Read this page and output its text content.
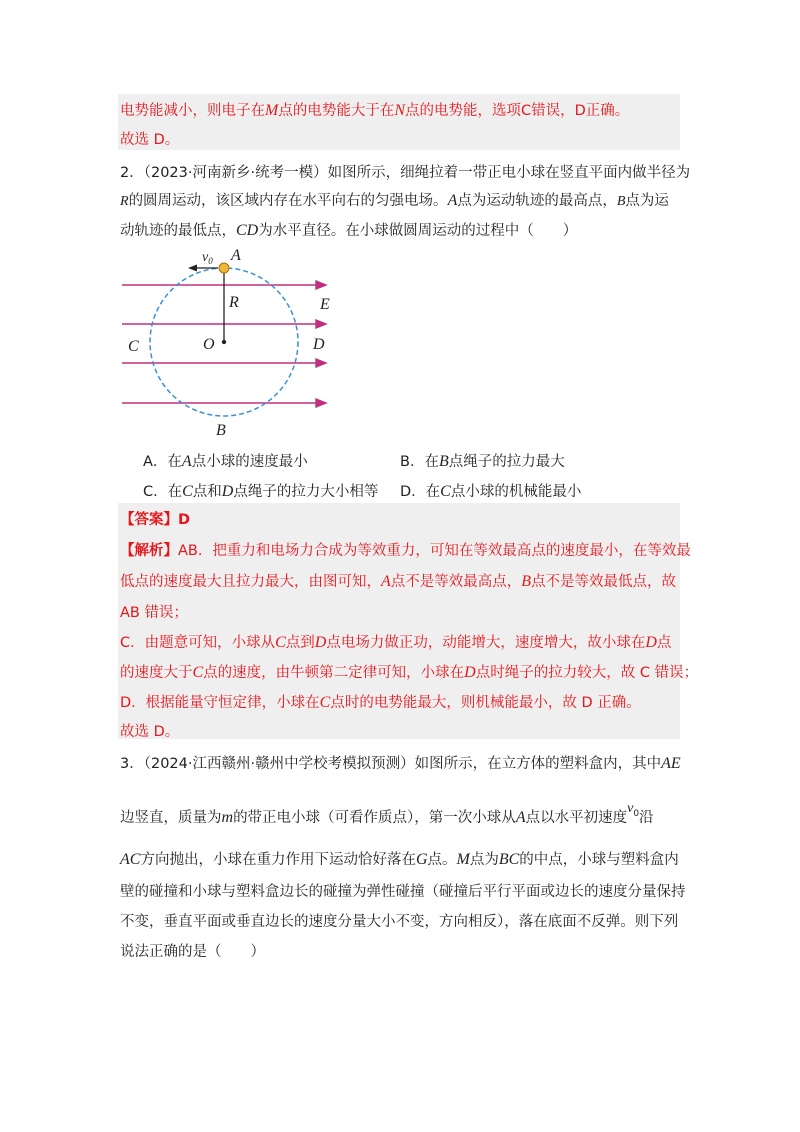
电势能减小，则电子在M点的电势能大于在N点的电势能，选项C错误，D正确。
故选 D。
2．（2023·河南新乡·统考一模）如图所示，细绳拉着一带正电小球在竖直平面内做半径为
R的圆周运动，该区域内存在水平向右的匀强电场。A点为运动轨迹的最高点，B点为运
动轨迹的最低点，CD为水平直径。在小球做圆周运动的过程中（　　）
$v_0$ A
R	E
C	O	D
B
A．在A点小球的速度最小	B．在B点绳子的拉力最大
C．在C点和D点绳子的拉力大小相等 D．在C点小球的机械能最小
【答案】D
【解析】AB．把重力和电场力合成为等效重力，可知在等效最高点的速度最小，在等效最
低点的速度最大且拉力最大，由图可知，A点不是等效最高点，B点不是等效最低点，故
AB 错误；
C．由题意可知，小球从C点到D点电场力做正功，动能增大，速度增大，故小球在D点
的速度大于C点的速度，由牛顿第二定律可知，小球在D点时绳子的拉力较大，故 C 错误；
D．根据能量守恒定律，小球在C点时的电势能最大，则机械能最小，故 D 正确。
故选 D。
3．（2024·江西赣州·赣州中学校考模拟预测）如图所示，在立方体的塑料盒内，其中AE
边竖直，质量为m的带正电小球（可看作质点），第一次小球从A点以水平初速度$v_0$沿
AC方向抛出，小球在重力作用下运动恰好落在G点。M点为BC的中点，小球与塑料盒内
壁的碰撞和小球与塑料盒边长的碰撞为弹性碰撞（碰撞后平行平面或边长的速度分量保持
不变，垂直平面或垂直边长的速度分量大小不变，方向相反），落在底面不反弹。则下列
说法正确的是（　　）
